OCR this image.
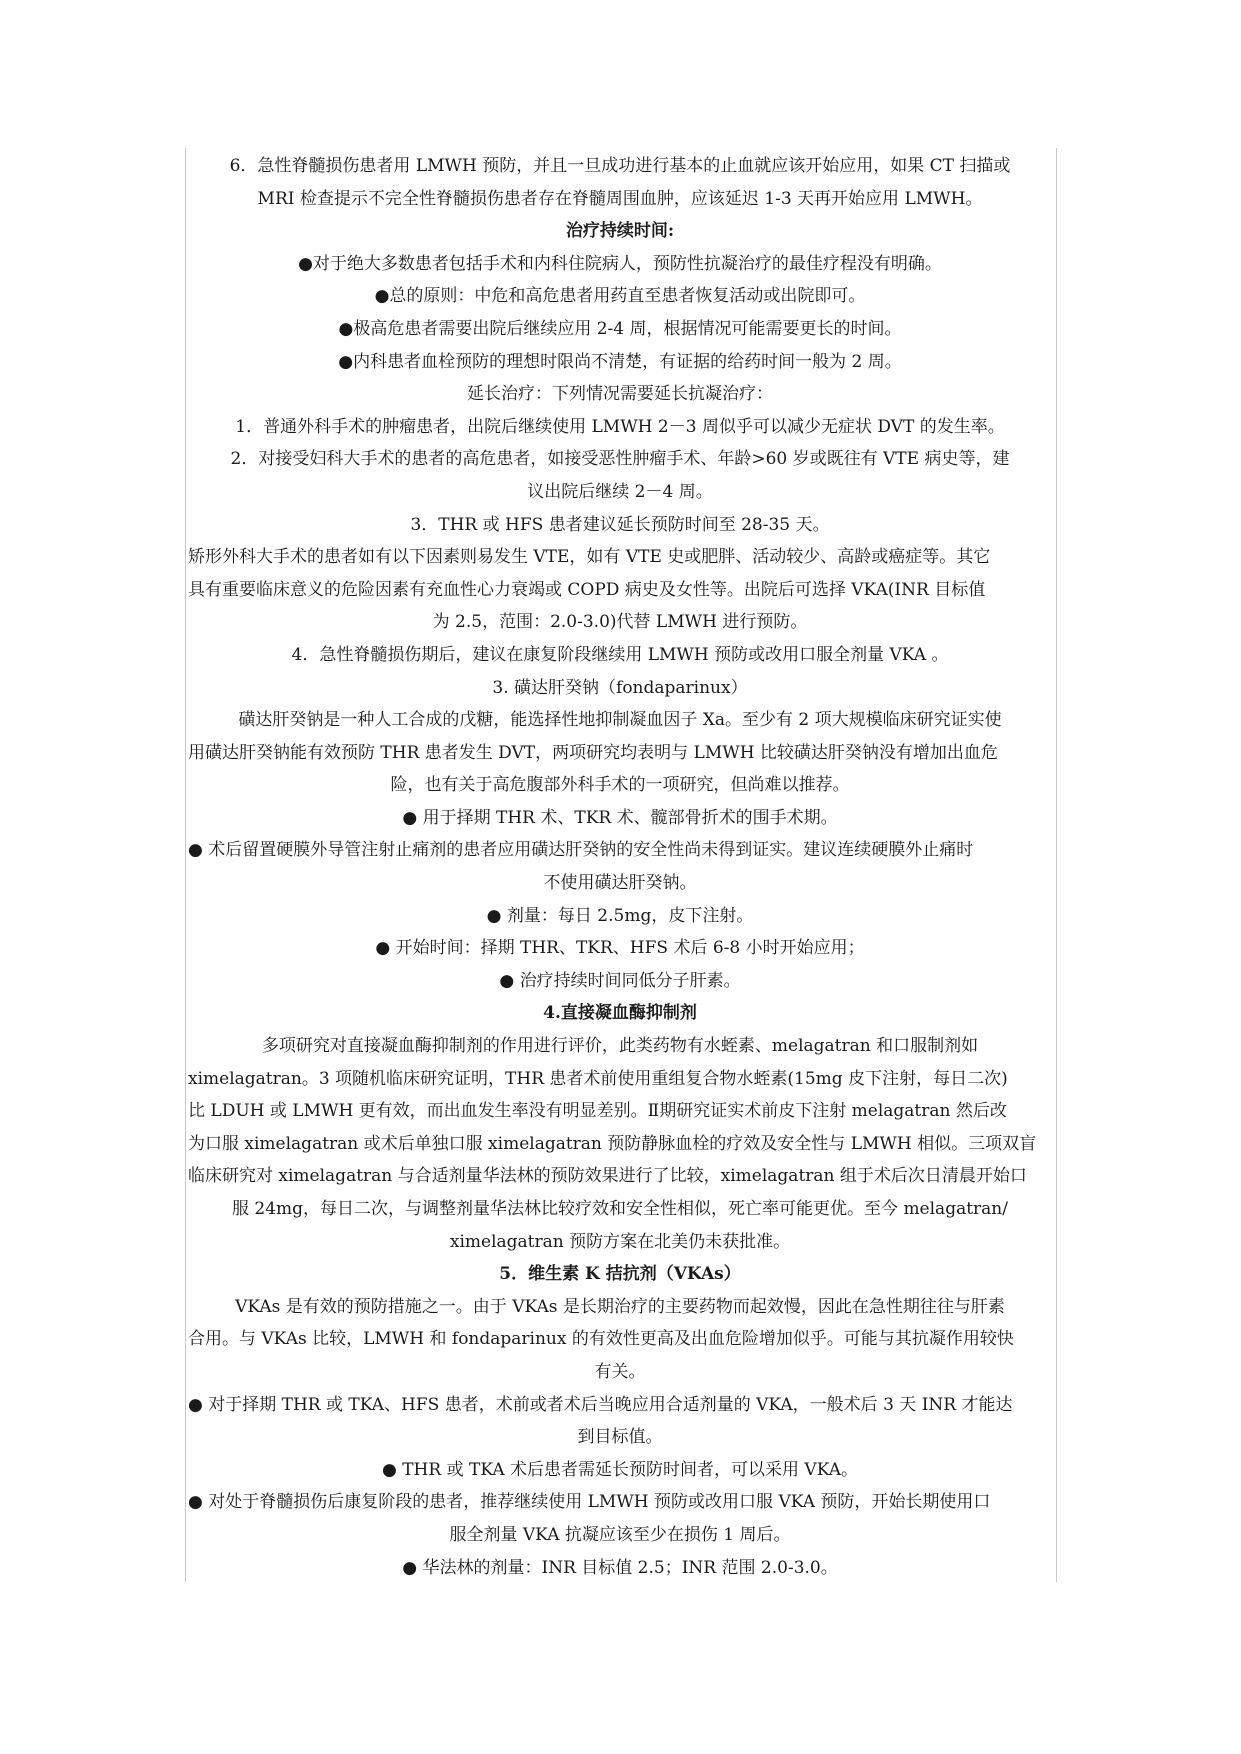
6．急性脊髓损伤患者用 LMWH 预防，并且一旦成功进行基本的止血就应该开始应用，如果 CT 扫描或
MRI 检查提示不完全性脊髓损伤患者存在脊髓周围血肿，应该延迟 1-3 天再开始应用 LMWH。
治疗持续时间:
●对于绝大多数患者包括手术和内科住院病人，预防性抗凝治疗的最佳疗程没有明确。
●总的原则：中危和高危患者用药直至患者恢复活动或出院即可。
●极高危患者需要出院后继续应用 2-4 周，根据情况可能需要更长的时间。
●内科患者血栓预防的理想时限尚不清楚，有证据的给药时间一般为 2 周。
延长治疗：下列情况需要延长抗凝治疗：
1．普通外科手术的肿瘤患者，出院后继续使用 LMWH 2－3 周似乎可以减少无症状 DVT 的发生率。
2．对接受妇科大手术的患者的高危患者，如接受恶性肿瘤手术、年龄>60 岁或既往有 VTE 病史等，建
议出院后继续 2－4 周。
3．THR 或 HFS 患者建议延长预防时间至 28-35 天。
矫形外科大手术的患者如有以下因素则易发生 VTE，如有 VTE 史或肥胖、活动较少、高龄或癌症等。其它
具有重要临床意义的危险因素有充血性心力衰竭或 COPD 病史及女性等。出院后可选择 VKA(INR 目标值
为 2.5，范围：2.0-3.0)代替 LMWH 进行预防。
4．急性脊髓损伤期后，建议在康复阶段继续用 LMWH 预防或改用口服全剂量 VKA 。
3. 磺达肝癸钠（fondaparinux）
磺达肝癸钠是一种人工合成的戊糖，能选择性地抑制凝血因子 Xa。至少有 2 项大规模临床研究证实使
用磺达肝癸钠能有效预防 THR 患者发生 DVT，两项研究均表明与 LMWH 比较磺达肝癸钠没有增加出血危
险，也有关于高危腹部外科手术的一项研究，但尚难以推荐。
● 用于择期 THR 术、TKR 术、髋部骨折术的围手术期。
● 术后留置硬膜外导管注射止痛剂的患者应用磺达肝癸钠的安全性尚未得到证实。建议连续硬膜外止痛时
不使用磺达肝癸钠。
● 剂量：每日 2.5mg，皮下注射。
● 开始时间：择期 THR、TKR、HFS 术后 6-8 小时开始应用；
● 治疗持续时间同低分子肝素。
4.直接凝血酶抑制剂
多项研究对直接凝血酶抑制剂的作用进行评价，此类药物有水蛭素、melagatran 和口服制剂如
ximelagatran。3 项随机临床研究证明，THR 患者术前使用重组复合物水蛭素(15mg 皮下注射，每日二次)
比 LDUH 或 LMWH 更有效，而出血发生率没有明显差别。Ⅱ期研究证实术前皮下注射 melagatran 然后改
为口服 ximelagatran 或术后单独口服 ximelagatran 预防静脉血栓的疗效及安全性与 LMWH 相似。三项双盲
临床研究对 ximelagatran 与合适剂量华法林的预防效果进行了比较，ximelagatran 组于术后次日清晨开始口
服 24mg，每日二次，与调整剂量华法林比较疗效和安全性相似，死亡率可能更优。至今 melagatran/
ximelagatran 预防方案在北美仍未获批准。
5．维生素 K 拮抗剂（VKAs）
VKAs 是有效的预防措施之一。由于 VKAs 是长期治疗的主要药物而起效慢，因此在急性期往往与肝素
合用。与 VKAs 比较，LMWH 和 fondaparinux 的有效性更高及出血危险增加似乎。可能与其抗凝作用较快
有关。
● 对于择期 THR 或 TKA、HFS 患者，术前或者术后当晚应用合适剂量的 VKA，一般术后 3 天 INR 才能达
到目标值。
● THR 或 TKA 术后患者需延长预防时间者，可以采用 VKA。
● 对处于脊髓损伤后康复阶段的患者，推荐继续使用 LMWH 预防或改用口服 VKA 预防，开始长期使用口
服全剂量 VKA 抗凝应该至少在损伤 1 周后。
● 华法林的剂量：INR 目标值 2.5；INR 范围 2.0-3.0。
